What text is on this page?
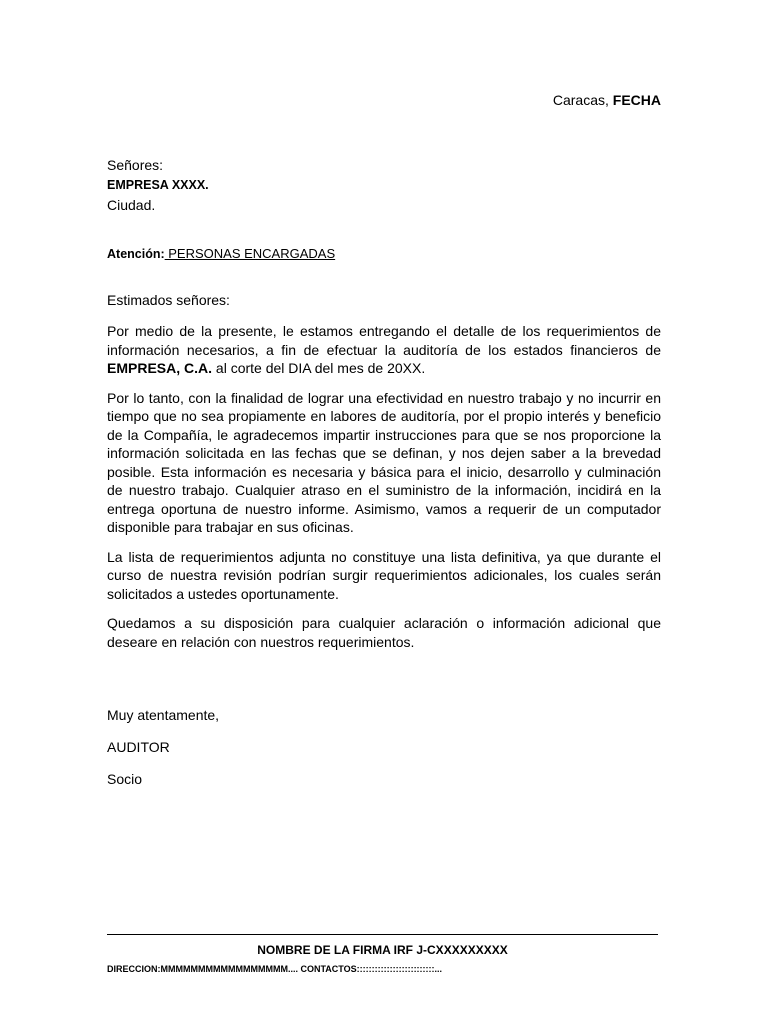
Caracas, FECHA
Señores:
EMPRESA XXXX.
Ciudad.
Atención: PERSONAS ENCARGADAS
Estimados señores:

Por medio de la presente, le estamos entregando el detalle de los requerimientos de información necesarios, a fin de efectuar la auditoría de los estados financieros de EMPRESA, C.A. al corte del DIA del mes de 20XX.

Por lo tanto, con la finalidad de lograr una efectividad en nuestro trabajo y no incurrir en tiempo que no sea propiamente en labores de auditoría, por el propio interés y beneficio de la Compañía, le agradecemos impartir instrucciones para que se nos proporcione la información solicitada en las fechas que se definan, y nos dejen saber a la brevedad posible. Esta información es necesaria y básica para el inicio, desarrollo y culminación de nuestro trabajo. Cualquier atraso en el suministro de la información, incidirá en la entrega oportuna de nuestro informe. Asimismo, vamos a requerir de un computador disponible para trabajar en sus oficinas.

La lista de requerimientos adjunta no constituye una lista definitiva, ya que durante el curso de nuestra revisión podrían surgir requerimientos adicionales, los cuales serán solicitados a ustedes oportunamente.

Quedamos a su disposición para cualquier aclaración o información adicional que deseare en relación con nuestros requerimientos.

Muy atentamente,
AUDITOR
Socio
NOMBRE DE LA FIRMA IRF J-CXXXXXXXXX
DIRECCION:MMMMMMMMMMMMMMMMM.... CONTACTOS::::::::::::::::::::::::::...
